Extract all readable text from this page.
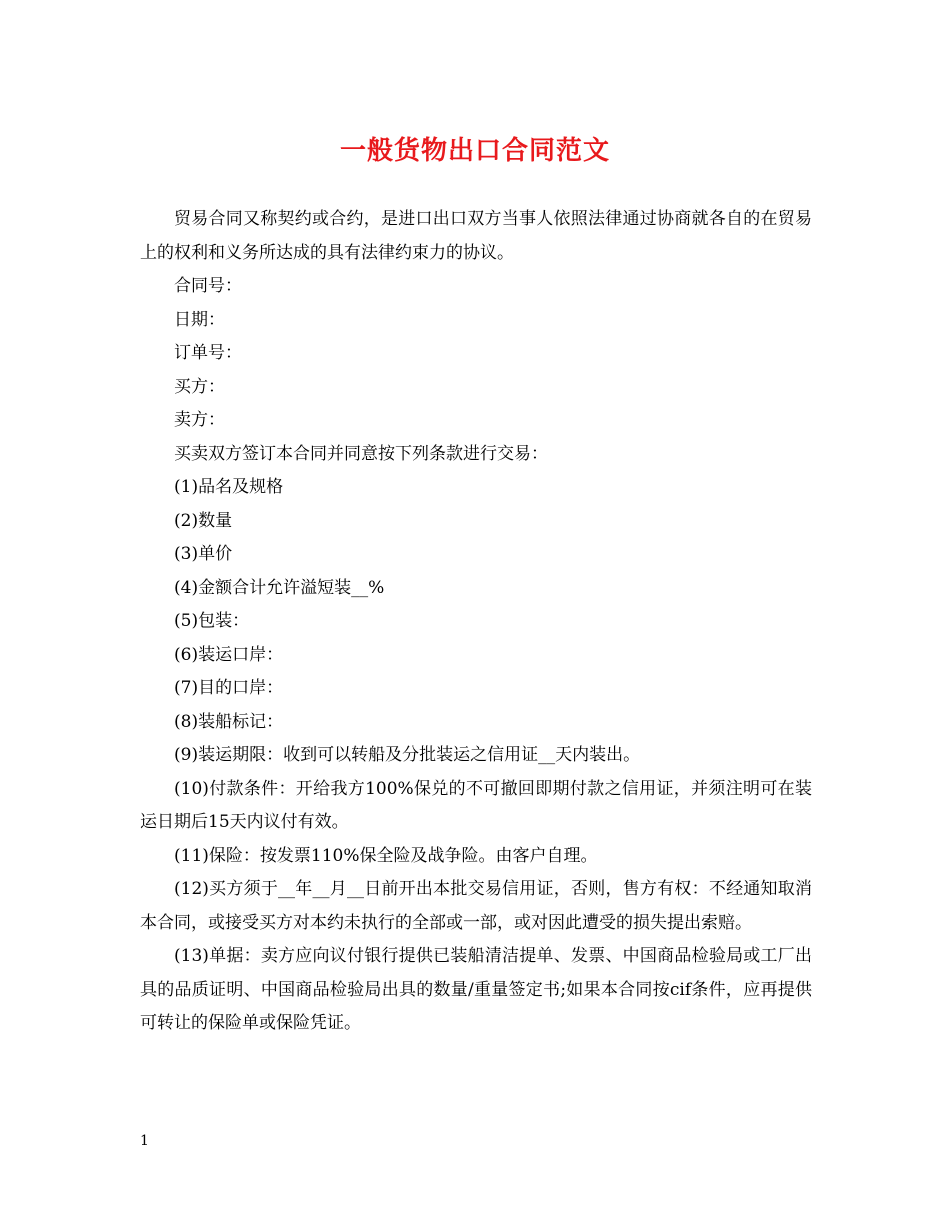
一般货物出口合同范文

贸易合同又称契约或合约，是进口出口双方当事人依照法律通过协商就各自的在贸易上的权利和义务所达成的具有法律约束力的协议。

合同号：

日期：

订单号：

买方：

卖方：

买卖双方签订本合同并同意按下列条款进行交易：

(1)品名及规格

(2)数量

(3)单价

(4)金额合计允许溢短装__%

(5)包装：

(6)装运口岸：

(7)目的口岸：

(8)装船标记：

(9)装运期限：收到可以转船及分批装运之信用证__天内装出。

(10)付款条件：开给我方100%保兑的不可撤回即期付款之信用证，并须注明可在装运日期后15天内议付有效。

(11)保险：按发票110%保全险及战争险。由客户自理。

(12)买方须于__年__月__日前开出本批交易信用证，否则，售方有权：不经通知取消本合同，或接受买方对本约未执行的全部或一部，或对因此遭受的损失提出索赔。

(13)单据：卖方应向议付银行提供已装船清洁提单、发票、中国商品检验局或工厂出具的品质证明、中国商品检验局出具的数量/重量签定书;如果本合同按cif条件，应再提供可转让的保险单或保险凭证。

1
